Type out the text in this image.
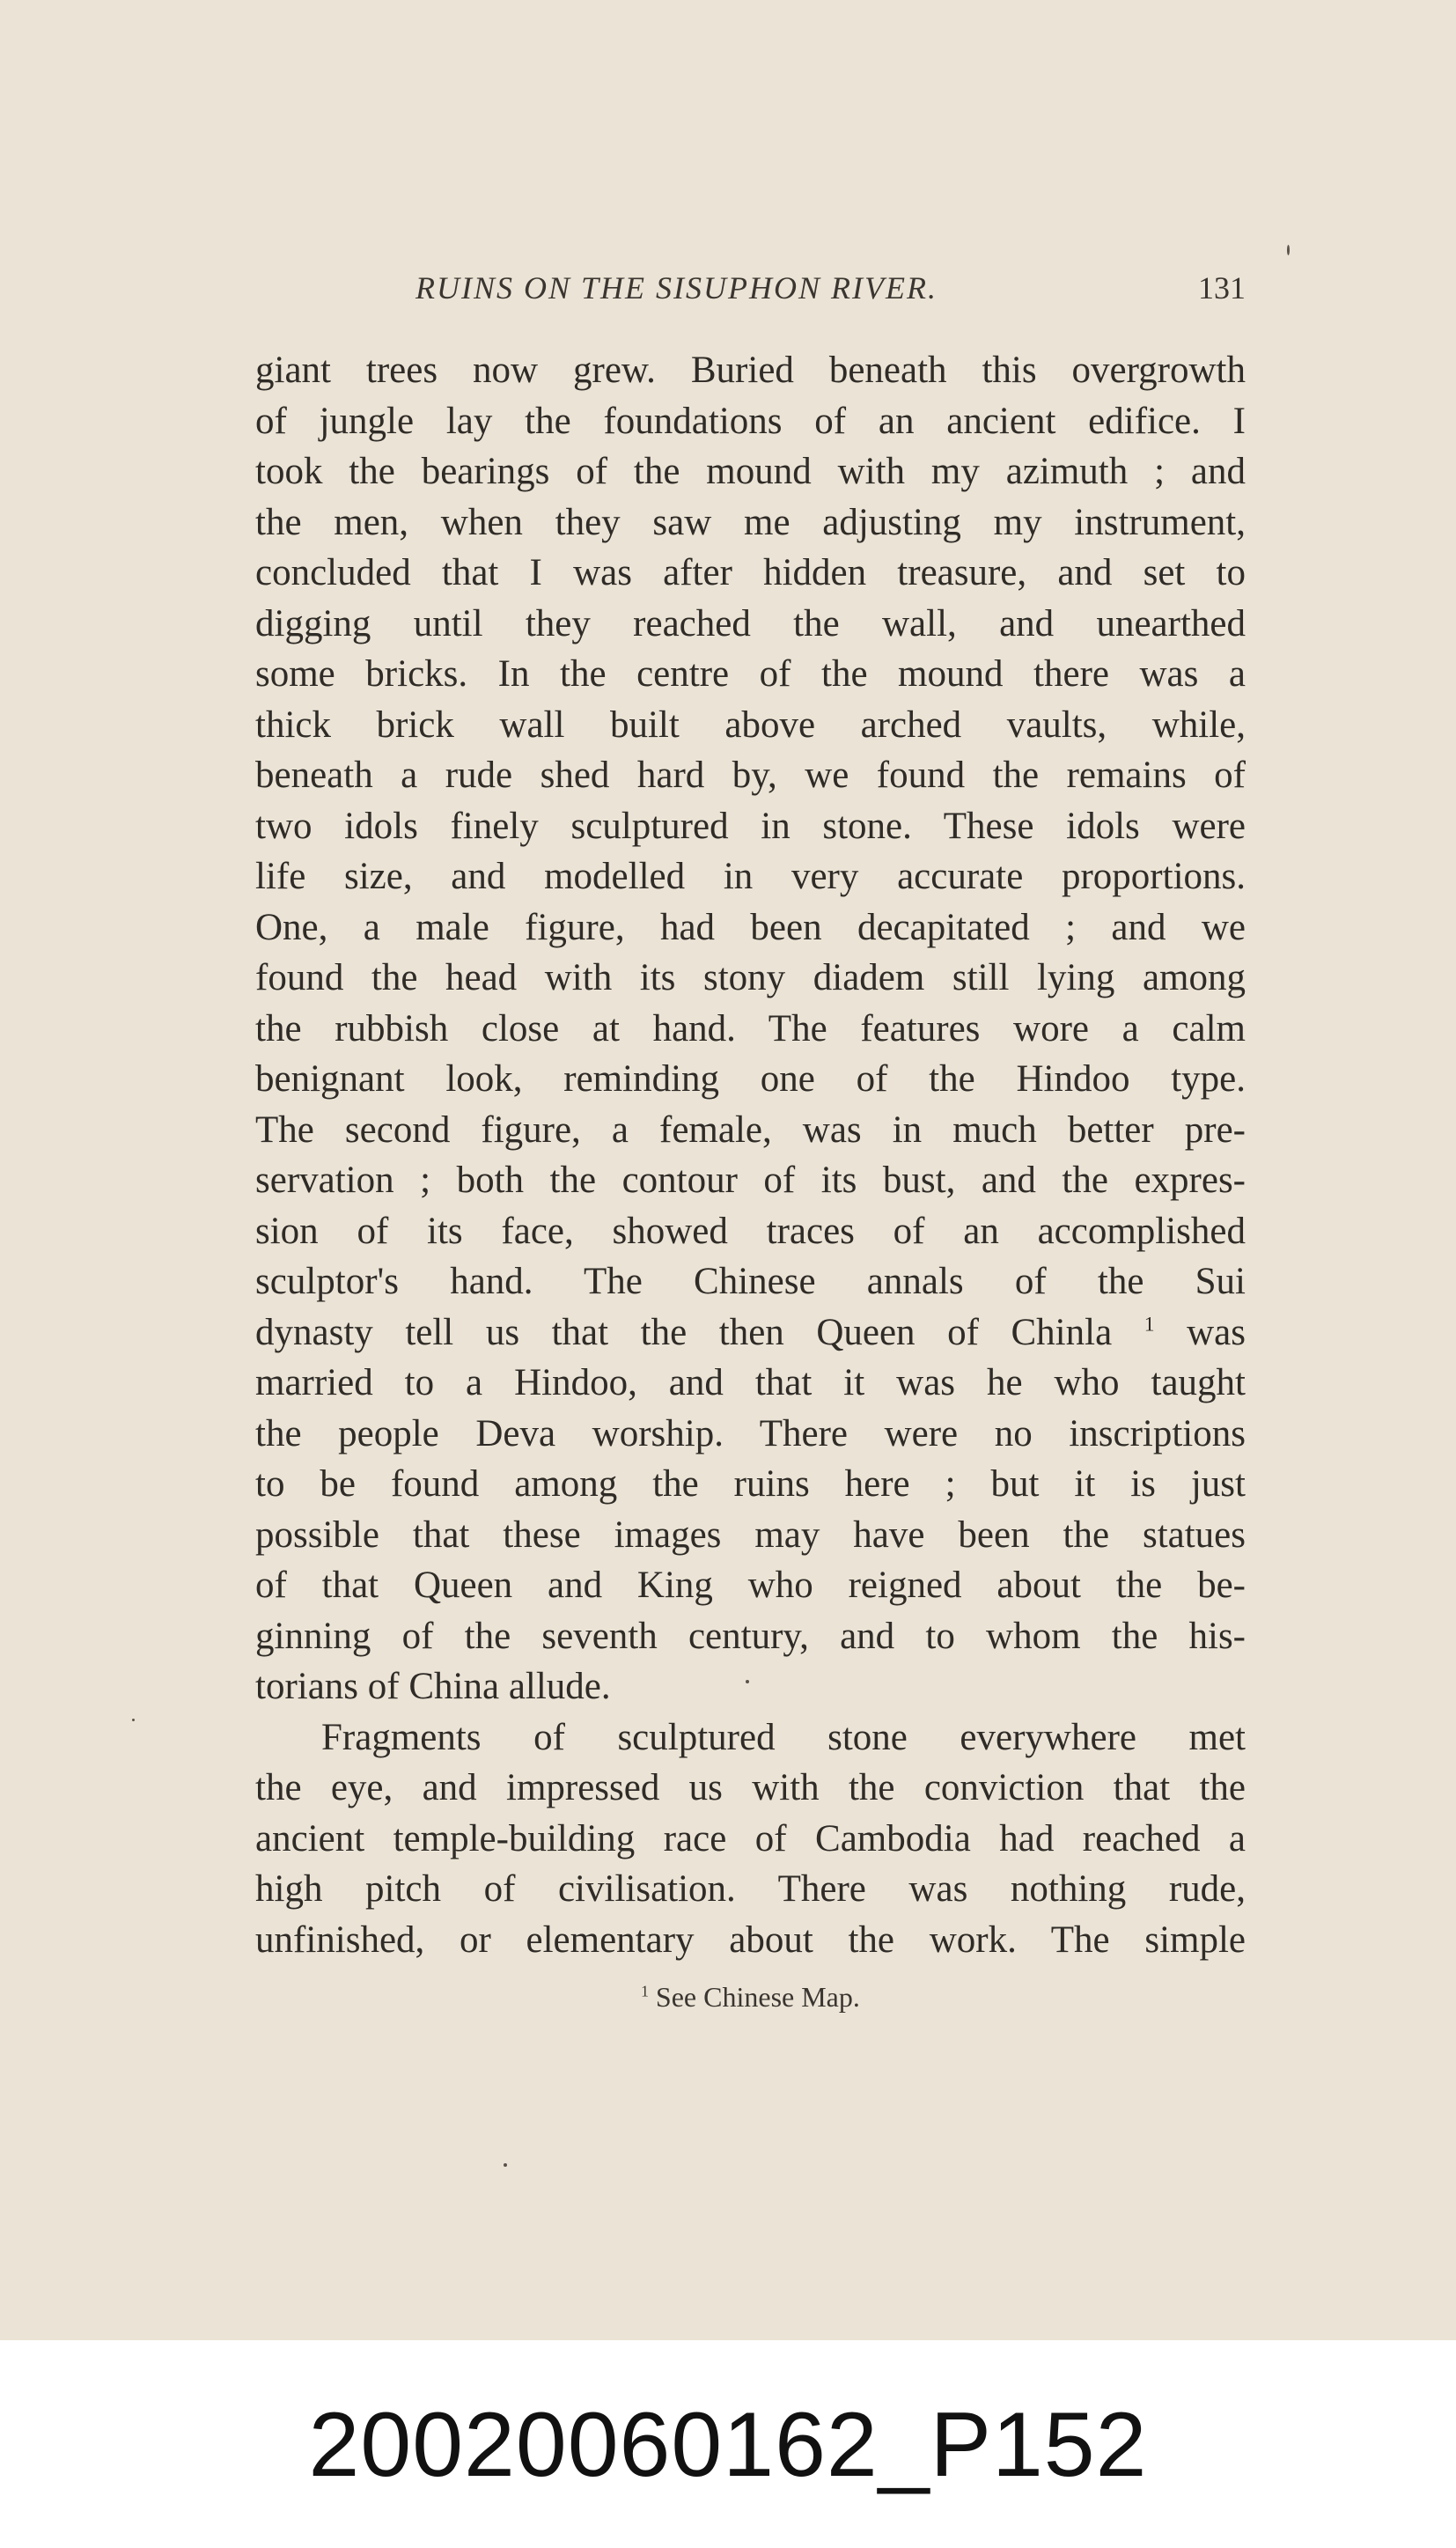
RUINS ON THE SISUPHON RIVER.	131
giant trees now grew. Buried beneath this overgrowth
of jungle lay the foundations of an ancient edifice. I
took the bearings of the mound with my azimuth ; and
the men, when they saw me adjusting my instrument,
concluded that I was after hidden treasure, and set to
digging until they reached the wall, and unearthed
some bricks. In the centre of the mound there was a
thick brick wall built above arched vaults, while,
beneath a rude shed hard by, we found the remains of
two idols finely sculptured in stone. These idols were
life size, and modelled in very accurate proportions.
One, a male figure, had been decapitated ; and we
found the head with its stony diadem still lying among
the rubbish close at hand. The features wore a calm
benignant look, reminding one of the Hindoo type.
The second figure, a female, was in much better pre-
servation ; both the contour of its bust, and the expres-
sion of its face, showed traces of an accomplished
sculptor's hand. The Chinese annals of the Sui
dynasty tell us that the then Queen of Chinla $^1$ was
married to a Hindoo, and that it was he who taught
the people Deva worship. There were no inscriptions
to be found among the ruins here ; but it is just
possible that these images may have been the statues
of that Queen and King who reigned about the be-
ginning of the seventh century, and to whom the his-
torians of China allude.
Fragments of sculptured stone everywhere met
the eye, and impressed us with the conviction that the
ancient temple-building race of Cambodia had reached a
high pitch of civilisation. There was nothing rude,
unfinished, or elementary about the work. The simple
$^1$ See Chinese Map.
20020060162_P152
